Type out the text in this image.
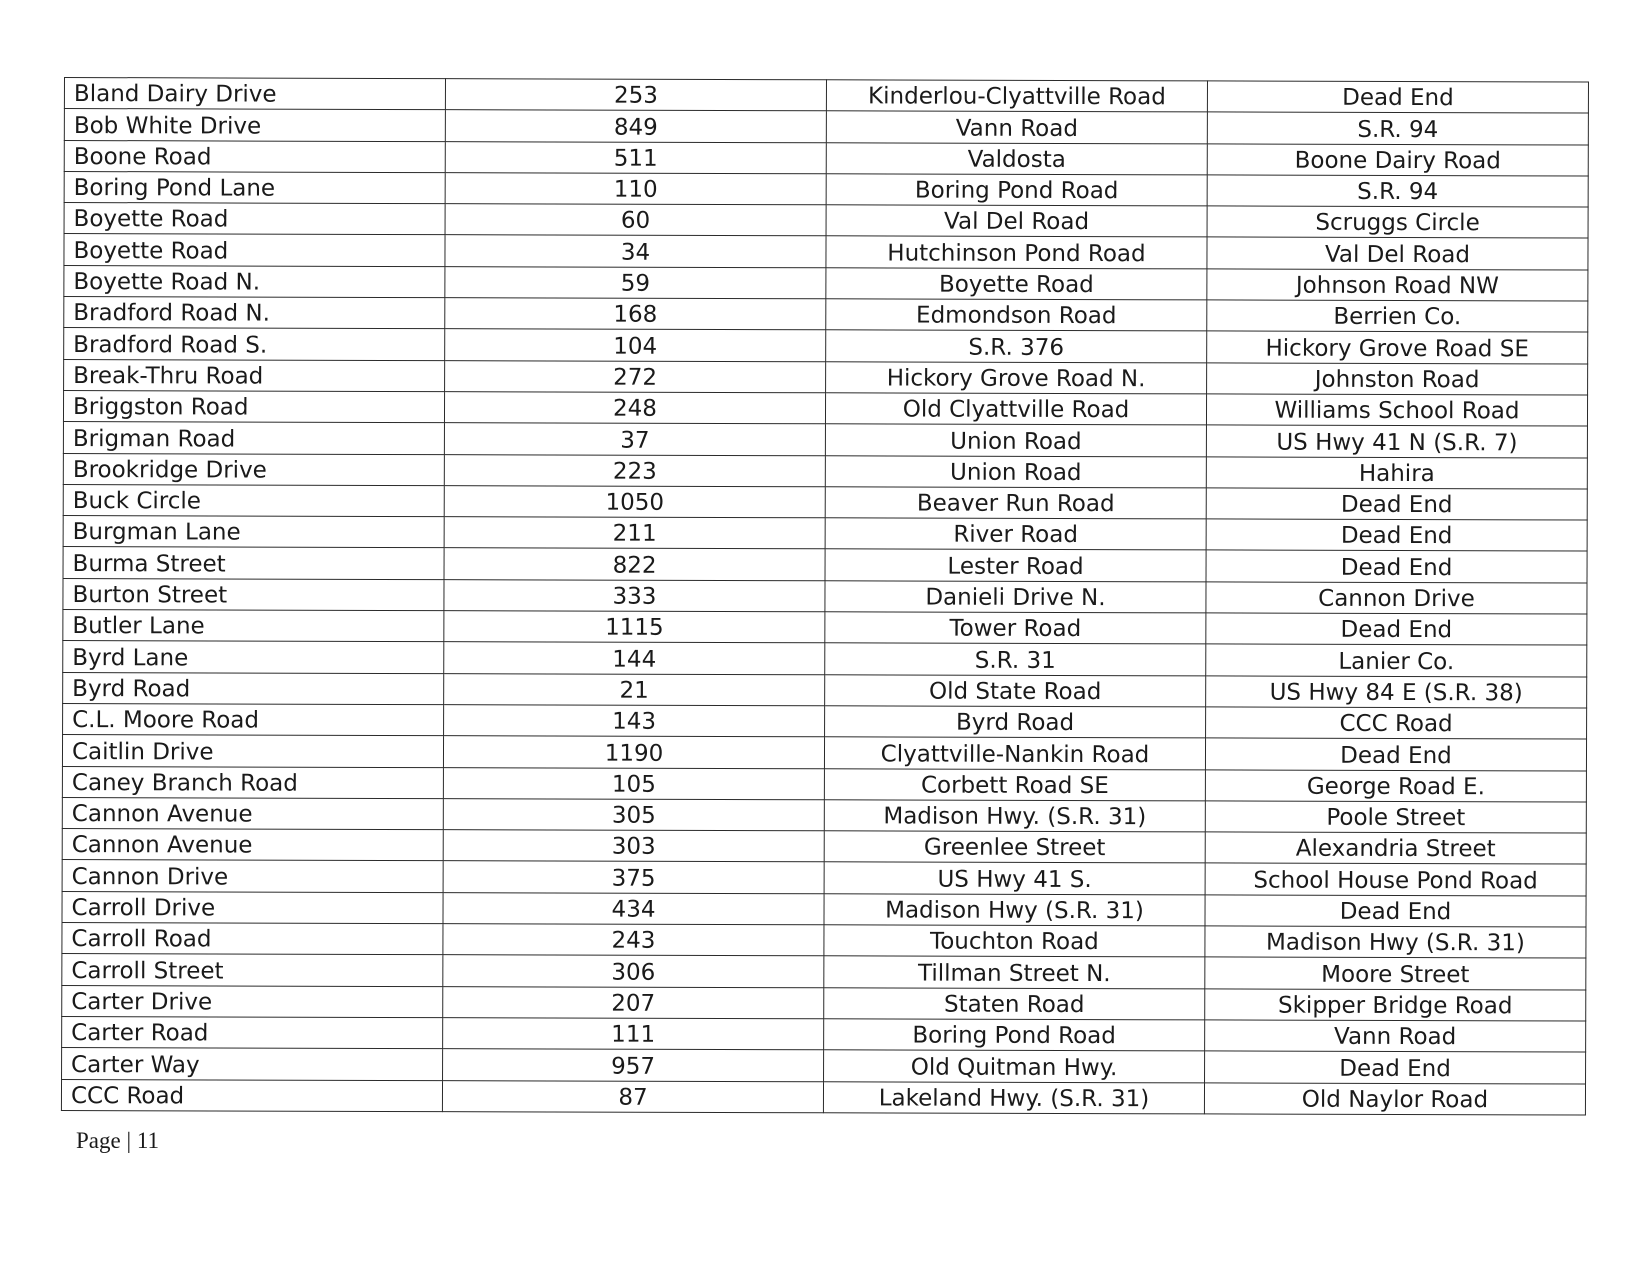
Bland Dairy Drive	253	Kinderlou-Clyattville Road	Dead End
Bob White Drive	849	Vann Road	S.R. 94
Boone Road	511	Valdosta	Boone Dairy Road
Boring Pond Lane	110	Boring Pond Road	S.R. 94
Boyette Road	60	Val Del Road	Scruggs Circle
Boyette Road	34	Hutchinson Pond Road	Val Del Road
Boyette Road N.	59	Boyette Road	Johnson Road NW
Bradford Road N.	168	Edmondson Road	Berrien Co.
Bradford Road S.	104	S.R. 376	Hickory Grove Road SE
Break-Thru Road	272	Hickory Grove Road N.	Johnston Road
Briggston Road	248	Old Clyattville Road	Williams School Road
Brigman Road	37	Union Road	US Hwy 41 N (S.R. 7)
Brookridge Drive	223	Union Road	Hahira
Buck Circle	1050	Beaver Run Road	Dead End
Burgman Lane	211	River Road	Dead End
Burma Street	822	Lester Road	Dead End
Burton Street	333	Danieli Drive N.	Cannon Drive
Butler Lane	1115	Tower Road	Dead End
Byrd Lane	144	S.R. 31	Lanier Co.
Byrd Road	21	Old State Road	US Hwy 84 E (S.R. 38)
C.L. Moore Road	143	Byrd Road	CCC Road
Caitlin Drive	1190	Clyattville-Nankin Road	Dead End
Caney Branch Road	105	Corbett Road SE	George Road E.
Cannon Avenue	305	Madison Hwy. (S.R. 31)	Poole Street
Cannon Avenue	303	Greenlee Street	Alexandria Street
Cannon Drive	375	US Hwy 41 S.	School House Pond Road
Carroll Drive	434	Madison Hwy (S.R. 31)	Dead End
Carroll Road	243	Touchton Road	Madison Hwy (S.R. 31)
Carroll Street	306	Tillman Street N.	Moore Street
Carter Drive	207	Staten Road	Skipper Bridge Road
Carter Road	111	Boring Pond Road	Vann Road
Carter Way	957	Old Quitman Hwy.	Dead End
CCC Road	87	Lakeland Hwy. (S.R. 31)	Old Naylor Road
Page | 11
